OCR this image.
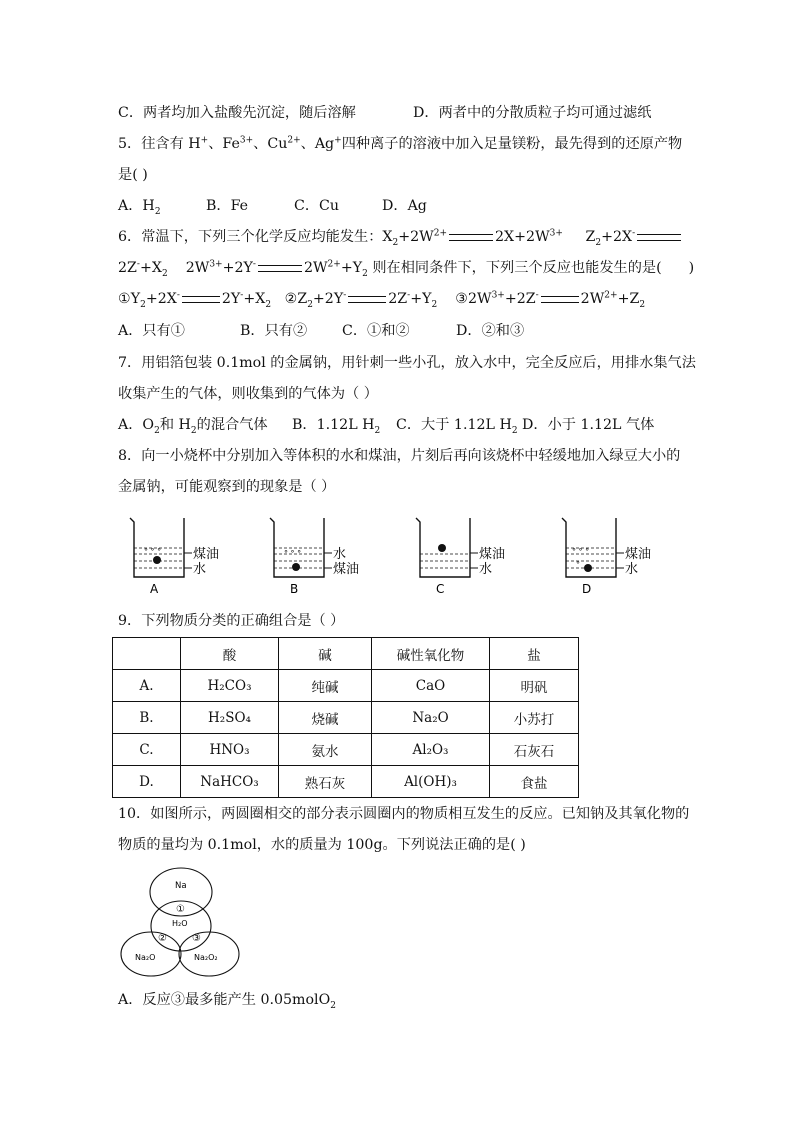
C．两者均加入盐酸先沉淀，随后溶解	D．两者中的分散质粒子均可通过滤纸
5．往含有 H+、$Fe^{3+}$、$Cu^{2+}$、Ag+四种离子的溶液中加入足量镁粉，最先得到的还原产物
是( )
A．$H_2$	B．Fe	C．Cu	D．Ag
6．常温下，下列三个化学反应均能发生：$X_2+2W^{2+}$	$2X+2W^{3+}$     $Z_2+2X^-$
$2Z^-+X_2$    $2W^{3+}+2Y^-$	$2W^{2+}+Y_2$ 则在相同条件下，下列三个反应也能发生的是(      )
$①Y_2+2X^-$	$2Y^-+X_2$   $②Z_2+2Y^-$	$2Z^-+Y_2$    $③2W^{3+}+2Z^-$	$2W^{2+}+Z_2$
A．只有①	B．只有② C．①和②	D．②和③
7．用铝箔包装 0.1mol 的金属钠，用针刺一些小孔，放入水中，完全反应后，用排水集气法
收集产生的气体，则收集到的气体为（ ）
A．$O_2$和 $H_2$的混合气体 B．1.12L $H_2$ C．大于 1.12L $H_2$ D．小于 1.12L 气体
8．向一小烧杯中分别加入等体积的水和煤油，片刻后再向该烧杯中轻缓地加入绿豆大小的
金属钠，可能观察到的现象是（ ）
° ° ° 煤油
水
A
° ° ° 水
煤油
B
煤油
水
C
° ° °
°
煤油
水
D
9．下列物质分类的正确组合是（ ）
	酸	碱	碱性氧化物	盐
A.	H₂CO₃	纯碱	CaO	明矾
B.	H₂SO₄	烧碱	Na₂O	小苏打
C.	HNO₃	氨水	Al₂O₃	石灰石
D.	NaHCO₃	熟石灰	Al(OH)₃	食盐
10．如图所示，两圆圈相交的部分表示圆圈内的物质相互发生的反应。已知钠及其氧化物的
物质的量均为 0.1mol，水的质量为 100g。下列说法正确的是( )
Na
①
H₂O
②	③
Na₂O	Na₂O₂
A．反应③最多能产生 0.05molO$_2$
